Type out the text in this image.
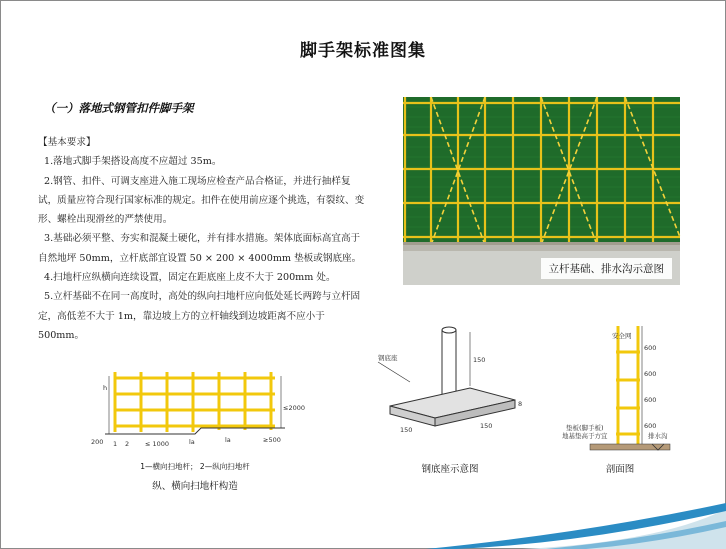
脚手架标准图集
（一）落地式钢管扣件脚手架

【基本要求】

1.落地式脚手架搭设高度不应超过 35m。

2.钢管、扣件、可调支座进入施工现场应检查产品合格证，并进行抽样复试，质量应符合现行国家标准的规定。扣件在使用前应逐个挑选，有裂纹、变形、螺栓出现滑丝的严禁使用。

3.基础必须平整、夯实和混凝土硬化，并有排水措施。架体底面标高宜高于自然地坪 50mm，立杆底部宜设置 50 × 200 × 4000mm 垫板或钢底座。

4.扫地杆应纵横向连续设置，固定在距底座上皮不大于 200mm 处。

5.立杆基础不在同一高度时，高处的纵向扫地杆应向低处延长两跨与立杆固定，高低差不大于 1m，靠边坡上方的立杆轴线到边坡距离不应小于 500mm。

立杆基础、排水沟示意图
h
≤2000
200 1 2 ≤ 1000	la	la	≥500
1—横向扫地杆； 2—纵向扫地杆
纵、横向扫地杆构造
钢底座	150
150	150
8
钢底座示意图
安全网
600
600
600
600
垫板(脚手板)
地基垫高于方宜	排水沟
剖面图
